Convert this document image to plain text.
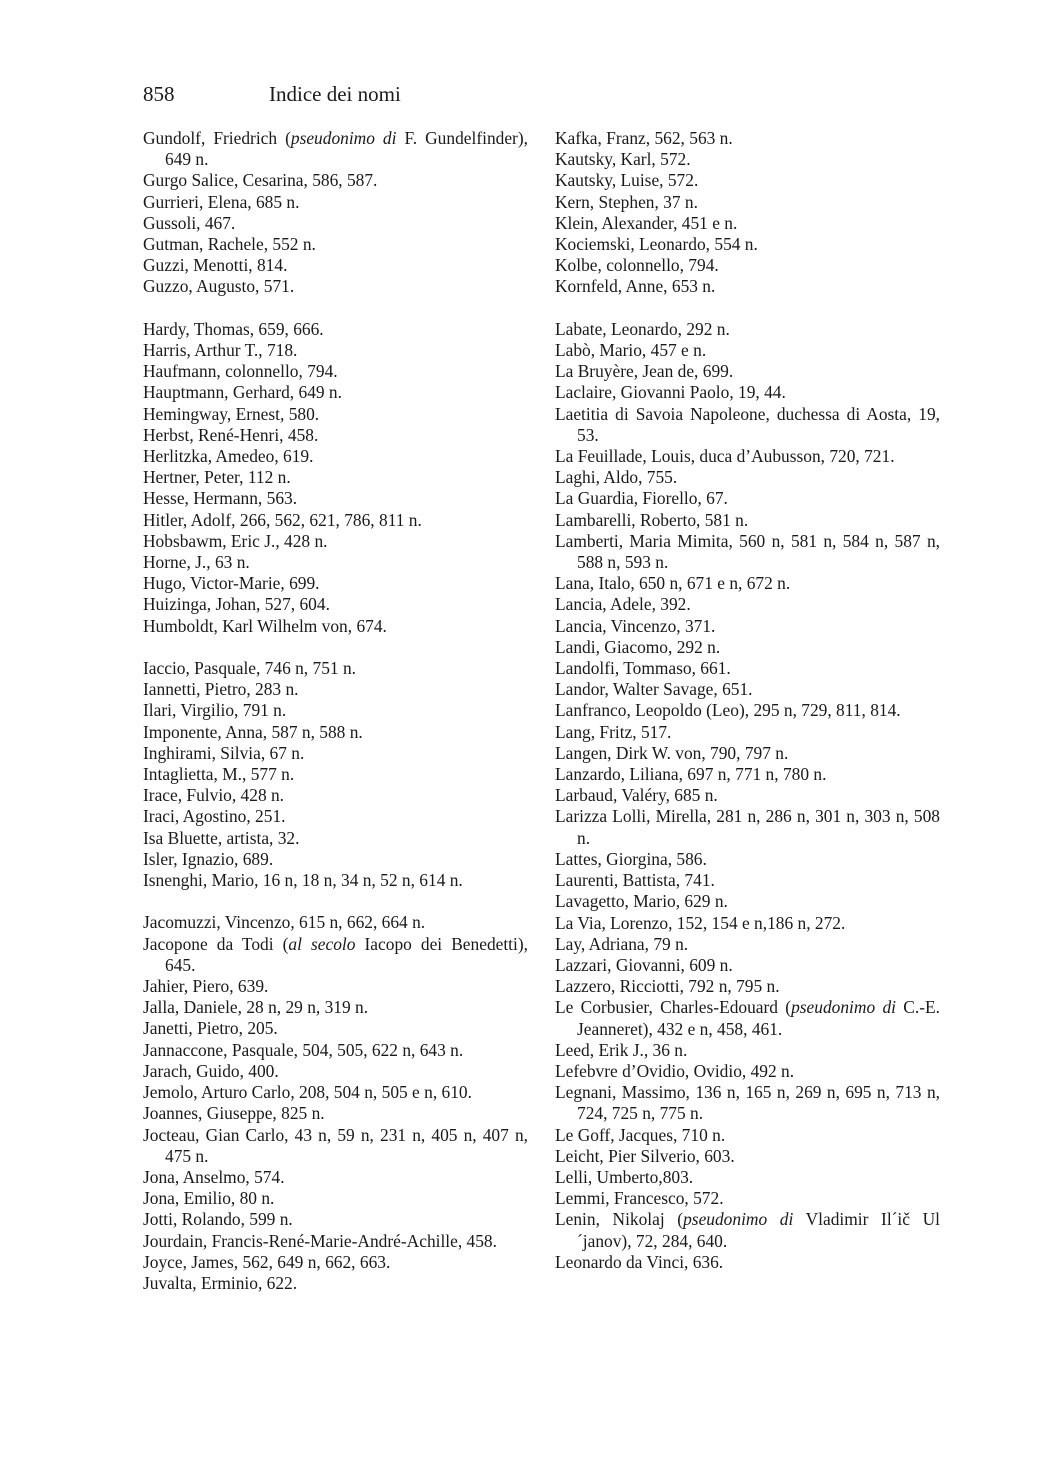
858	Indice dei nomi
Gundolf, Friedrich (pseudonimo di F. Gundelfinder), 649 n.
Gurgo Salice, Cesarina, 586, 587.
Gurrieri, Elena, 685 n.
Gussoli, 467.
Gutman, Rachele, 552 n.
Guzzi, Menotti, 814.
Guzzo, Augusto, 571.
Hardy, Thomas, 659, 666.
Harris, Arthur T., 718.
Haufmann, colonnello, 794.
Hauptmann, Gerhard, 649 n.
Hemingway, Ernest, 580.
Herbst, René-Henri, 458.
Herlitzka, Amedeo, 619.
Hertner, Peter, 112 n.
Hesse, Hermann, 563.
Hitler, Adolf, 266, 562, 621, 786, 811 n.
Hobsbawm, Eric J., 428 n.
Horne, J., 63 n.
Hugo, Victor-Marie, 699.
Huizinga, Johan, 527, 604.
Humboldt, Karl Wilhelm von, 674.
Iaccio, Pasquale, 746 n, 751 n.
Iannetti, Pietro, 283 n.
Ilari, Virgilio, 791 n.
Imponente, Anna, 587 n, 588 n.
Inghirami, Silvia, 67 n.
Intaglietta, M., 577 n.
Irace, Fulvio, 428 n.
Iraci, Agostino, 251.
Isa Bluette, artista, 32.
Isler, Ignazio, 689.
Isnenghi, Mario, 16 n, 18 n, 34 n, 52 n, 614 n.
Jacomuzzi, Vincenzo, 615 n, 662, 664 n.
Jacopone da Todi (al secolo Iacopo dei Benedetti), 645.
Jahier, Piero, 639.
Jalla, Daniele, 28 n, 29 n, 319 n.
Janetti, Pietro, 205.
Jannaccone, Pasquale, 504, 505, 622 n, 643 n.
Jarach, Guido, 400.
Jemolo, Arturo Carlo, 208, 504 n, 505 e n, 610.
Joannes, Giuseppe, 825 n.
Jocteau, Gian Carlo, 43 n, 59 n, 231 n, 405 n, 407 n, 475 n.
Jona, Anselmo, 574.
Jona, Emilio, 80 n.
Jotti, Rolando, 599 n.
Jourdain, Francis-René-Marie-André-Achille, 458.
Joyce, James, 562, 649 n, 662, 663.
Juvalta, Erminio, 622.
Kafka, Franz, 562, 563 n.
Kautsky, Karl, 572.
Kautsky, Luise, 572.
Kern, Stephen, 37 n.
Klein, Alexander, 451 e n.
Kociemski, Leonardo, 554 n.
Kolbe, colonnello, 794.
Kornfeld, Anne, 653 n.
Labate, Leonardo, 292 n.
Labò, Mario, 457 e n.
La Bruyère, Jean de, 699.
Laclaire, Giovanni Paolo, 19, 44.
Laetitia di Savoia Napoleone, duchessa di Aosta, 19, 53.
La Feuillade, Louis, duca d’Aubusson, 720, 721.
Laghi, Aldo, 755.
La Guardia, Fiorello, 67.
Lambarelli, Roberto, 581 n.
Lamberti, Maria Mimita, 560 n, 581 n, 584 n, 587 n, 588 n, 593 n.
Lana, Italo, 650 n, 671 e n, 672 n.
Lancia, Adele, 392.
Lancia, Vincenzo, 371.
Landi, Giacomo, 292 n.
Landolfi, Tommaso, 661.
Landor, Walter Savage, 651.
Lanfranco, Leopoldo (Leo), 295 n, 729, 811, 814.
Lang, Fritz, 517.
Langen, Dirk W. von, 790, 797 n.
Lanzardo, Liliana, 697 n, 771 n, 780 n.
Larbaud, Valéry, 685 n.
Larizza Lolli, Mirella, 281 n, 286 n, 301 n, 303 n, 508 n.
Lattes, Giorgina, 586.
Laurenti, Battista, 741.
Lavagetto, Mario, 629 n.
La Via, Lorenzo, 152, 154 e n,186 n, 272.
Lay, Adriana, 79 n.
Lazzari, Giovanni, 609 n.
Lazzero, Ricciotti, 792 n, 795 n.
Le Corbusier, Charles-Edouard (pseudonimo di C.-E. Jeanneret), 432 e n, 458, 461.
Leed, Erik J., 36 n.
Lefebvre d’Ovidio, Ovidio, 492 n.
Legnani, Massimo, 136 n, 165 n, 269 n, 695 n, 713 n, 724, 725 n, 775 n.
Le Goff, Jacques, 710 n.
Leicht, Pier Silverio, 603.
Lelli, Umberto,803.
Lemmi, Francesco, 572.
Lenin, Nikolaj (pseudonimo di Vladimir Il´ič Ul´janov), 72, 284, 640.
Leonardo da Vinci, 636.
